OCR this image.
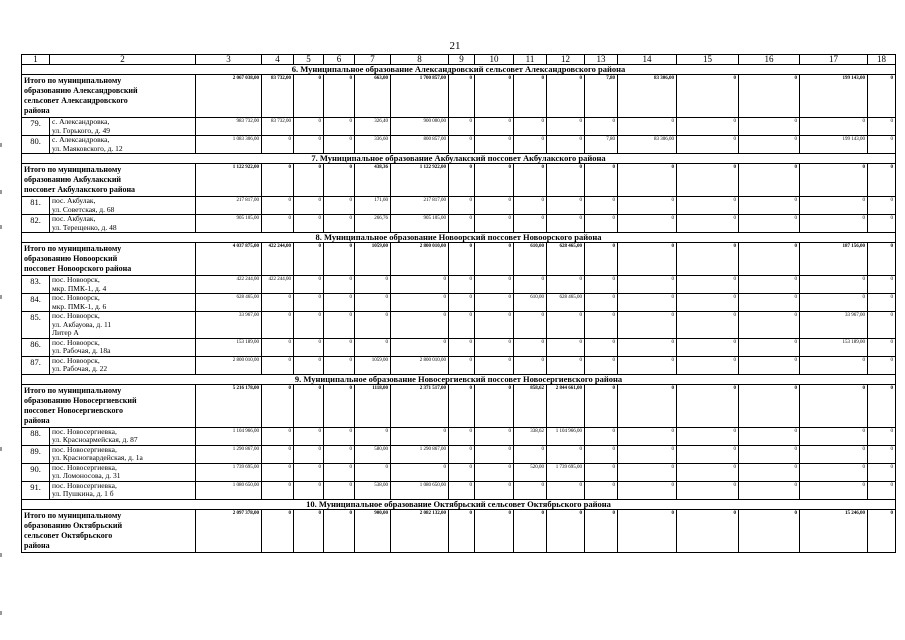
21
1	2	3	4	5	6	7	8	9	10	11	12	13	14	15	16	17	18
6. Муниципальное образование Александровский сельсовет Александровского района																	
Итого по муниципальному
образованию Александровский
сельсовет Александровского
района		2 067 038,00	83 732,00	0	0	663,00	1 700 857,00	0	0	0	0	7,80	83 306,00	0	0	199 143,00	0
79.	с. Александровка,
ул. Горького, д. 49	983 732,00	83 732,00	0	0	326,40	900 000,00	0	0	0	0	0	0	0	0	0	0
80.	с. Александровка,
ул. Маяковского, д. 12	1 083 306,00	0	0	0	336,60	800 857,00	0	0	0	0	7,80	83 306,00	0	0	199 143,00	0
7. Муниципальное образование Акбулакский поссовет Акбулакского района																	
Итого по муниципальному
образованию Акбулакский
поссовет Акбулакского района		1 122 922,00	0	0	0	438,36	1 122 922,00	0	0	0	0	0	0	0	0	0	0
81.	пос. Акбулак,
ул. Советская, д. 68	217 817,00	0	0	0	171,60	217 817,00	0	0	0	0	0	0	0	0	0	0
82.	пос. Акбулак,
ул. Терещенко, д. 48	905 105,00	0	0	0	266,76	905 105,00	0	0	0	0	0	0	0	0	0	0
8. Муниципальное образование Новоорский поссовет Новоорского района																	
Итого по муниципальному
образованию Новоорский
поссовет Новоорского района		4 037 875,00	422 244,00	0	0	1059,00	2 800 010,00	0	0	610,00	628 465,00	0	0	0	0	187 156,00	0
83.	пос. Новоорск,
мкр. ПМК-1, д. 4	422 244,00	422 244,00	0	0	0	0	0	0	0	0	0	0	0	0	0	0
84.	пос. Новоорск,
мкр. ПМК-1, д. 6	628 465,00	0	0	0	0	0	0	0	610,00	628 465,00	0	0	0	0	0	0
85.	пос. Новоорск,
ул. Акбауова, д. 11
Литер А	33 967,00	0	0	0	0	0	0	0	0	0	0	0	0	0	33 967,00	0
86.	пос. Новоорск,
ул. Рабочая, д. 18а	153 189,00	0	0	0	0	0	0	0	0	0	0	0	0	0	153 189,00	0
87.	пос. Новоорск,
ул. Рабочая, д. 22	2 800 010,00	0	0	0	1059,00	2 800 010,00	0	0	0	0	0	0	0	0	0	0
9. Муниципальное образование Новосергиевский поссовет Новосергиевского района																	
Итого по муниципальному
образованию Новосергиевский
поссовет Новосергиевского
района		5 216 178,00	0	0	0	1118,00	2 371 517,00	0	0	858,62	2 844 661,00	0	0	0	0	0	0
88.	пос. Новосергиевка,
ул. Красноармейская, д. 87	1 104 966,00	0	0	0	0	0	0	0	338,62	1 104 966,00	0	0	0	0	0	0
89.	пос. Новосергиевка,
ул. Красногвардейская, д. 1а	1 290 867,00	0	0	0	580,00	1 290 867,00	0	0	0	0	0	0	0	0	0	0
90.	пос. Новосергиевка,
ул. Ломоносова, д. 31	1 739 695,00	0	0	0	0	0	0	0	520,00	1 739 695,00	0	0	0	0	0	0
91.	пос. Новосергиевка,
ул. Пушкина, д. 1 б	1 080 650,00	0	0	0	538,00	1 080 650,00	0	0	0	0	0	0	0	0	0	0
10. Муниципальное образование Октябрьский сельсовет Октябрьского района																	
Итого по муниципальному
образованию Октябрьский
сельсовет Октябрьского
района		2 097 378,00	0	0	0	900,00	2 082 132,00	0	0	0	0	0	0	0	0	15 246,00	0
